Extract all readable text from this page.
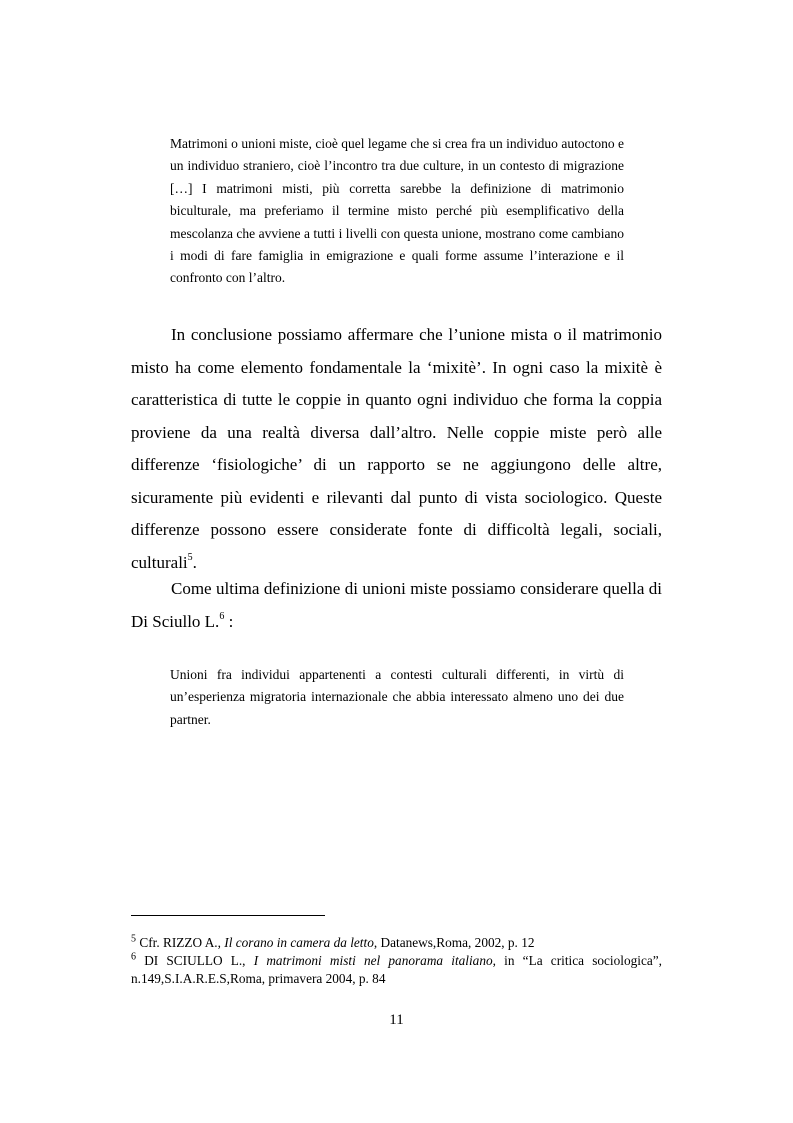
Matrimoni o unioni miste, cioè quel legame che si crea fra un individuo autoctono e un individuo straniero, cioè l’incontro tra due culture, in un contesto di migrazione […] I matrimoni misti, più corretta sarebbe la definizione di matrimonio biculturale, ma preferiamo il termine misto perché più esemplificativo della mescolanza che avviene a tutti i livelli con questa unione, mostrano come cambiano i modi di fare famiglia in emigrazione e quali forme assume l’interazione e il confronto con l’altro.

In conclusione possiamo affermare che l’unione mista o il matrimonio misto ha come elemento fondamentale la ‘mixitè’. In ogni caso la mixitè è caratteristica di tutte le coppie in quanto ogni individuo che forma la coppia proviene da una realtà diversa dall’altro. Nelle coppie miste però alle differenze ‘fisiologiche’ di un rapporto se ne aggiungono delle altre, sicuramente più evidenti e rilevanti dal punto di vista sociologico. Queste differenze possono essere considerate fonte di difficoltà legali, sociali, culturali$^5$.

Come ultima definizione di unioni miste possiamo considerare quella di Di Sciullo L.$^6$ :

Unioni fra individui appartenenti a contesti culturali differenti, in virtù di un’esperienza migratoria internazionale che abbia interessato almeno uno dei due partner.

$^5$ Cfr. RIZZO A., Il corano in camera da letto, Datanews,Roma, 2002, p. 12

$^6$ DI SCIULLO L., I matrimoni misti nel panorama italiano, in “La critica sociologica”, n.149,S.I.A.R.E.S,Roma, primavera 2004, p. 84

11
